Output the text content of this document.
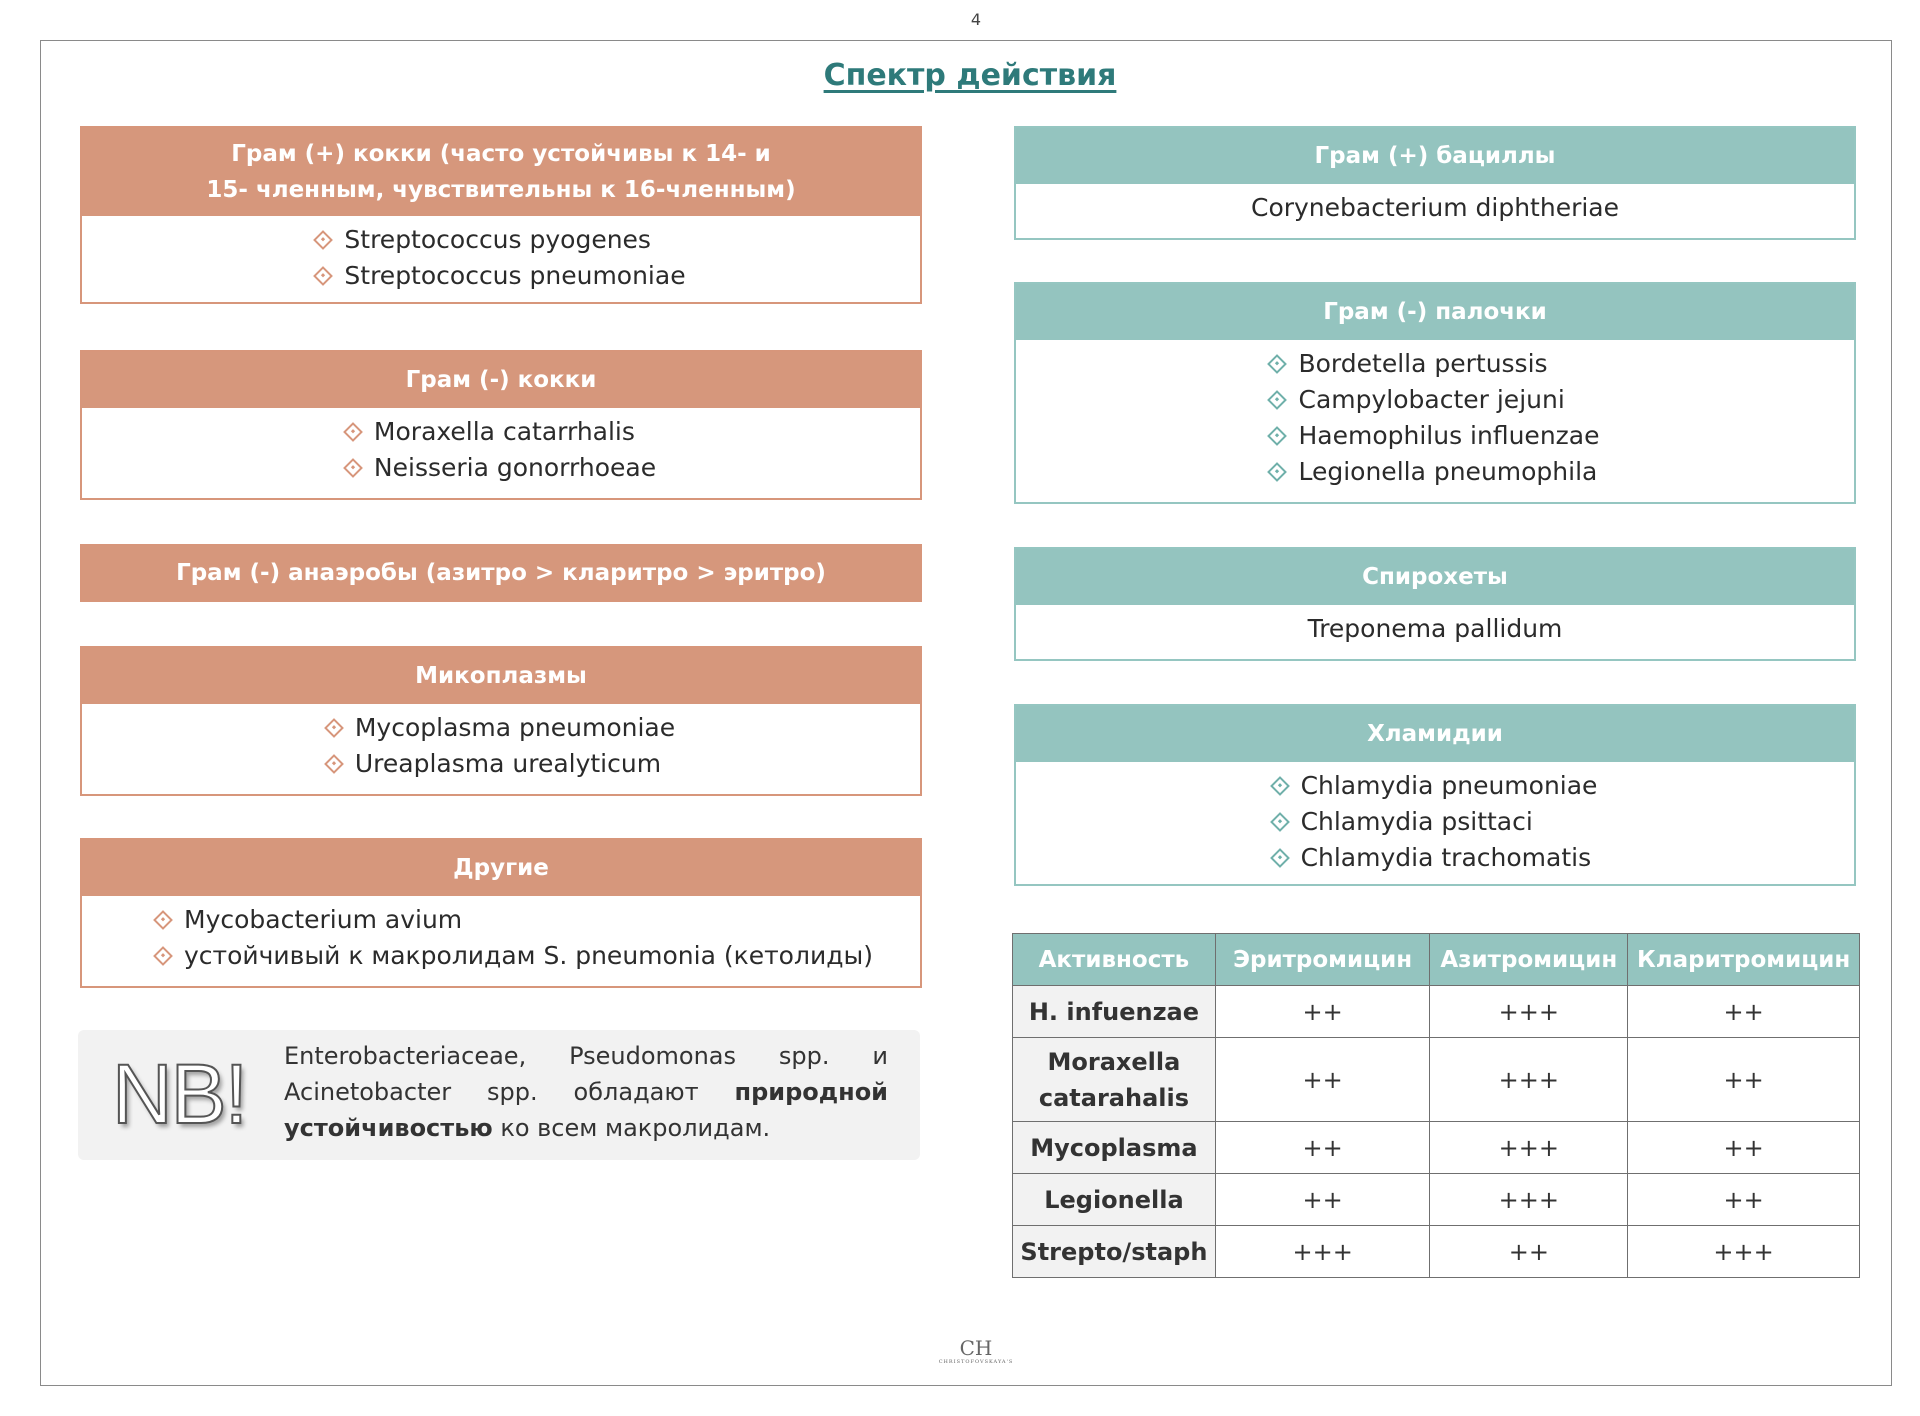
4
Спектр действия
Грам (+) кокки (часто устойчивы к 14- и
15- членным, чувствительны к 16-членным)
Streptococcus pyogenes
Streptococcus pneumoniae
Грам (-) кокки
Moraxella catarrhalis
Neisseria gonorrhoeae
Грам (-) анаэробы (азитро > кларитро > эритро)
Микоплазмы
Mycoplasma pneumoniae
Ureaplasma urealyticum
Другие
Mycobacterium avium
устойчивый к макролидам S. pneumonia (кетолиды)
NB! Enterobacteriaceae, Pseudomonas spp. и Acinetobacter spp. обладают природной устойчивостью ко всем макролидам.
Грам (+) бациллы
Corynebacterium diphtheriae
Грам (-) палочки
Bordetella pertussis
Campylobacter jejuni
Haemophilus influenzae
Legionella pneumophila
Спирохеты
Treponema pallidum
Хламидии
Chlamydia pneumoniae
Chlamydia psittaci
Chlamydia trachomatis
Активность	Эритромицин	Азитромицин	Кларитромицин
H. infuenzae	++	+++	++
Moraxella catarahalis	++	+++	++
Mycoplasma	++	+++	++
Legionella	++	+++	++
Strepto/staph	+++	++	+++
CH
CHRISTOFOVSKAYA'S
